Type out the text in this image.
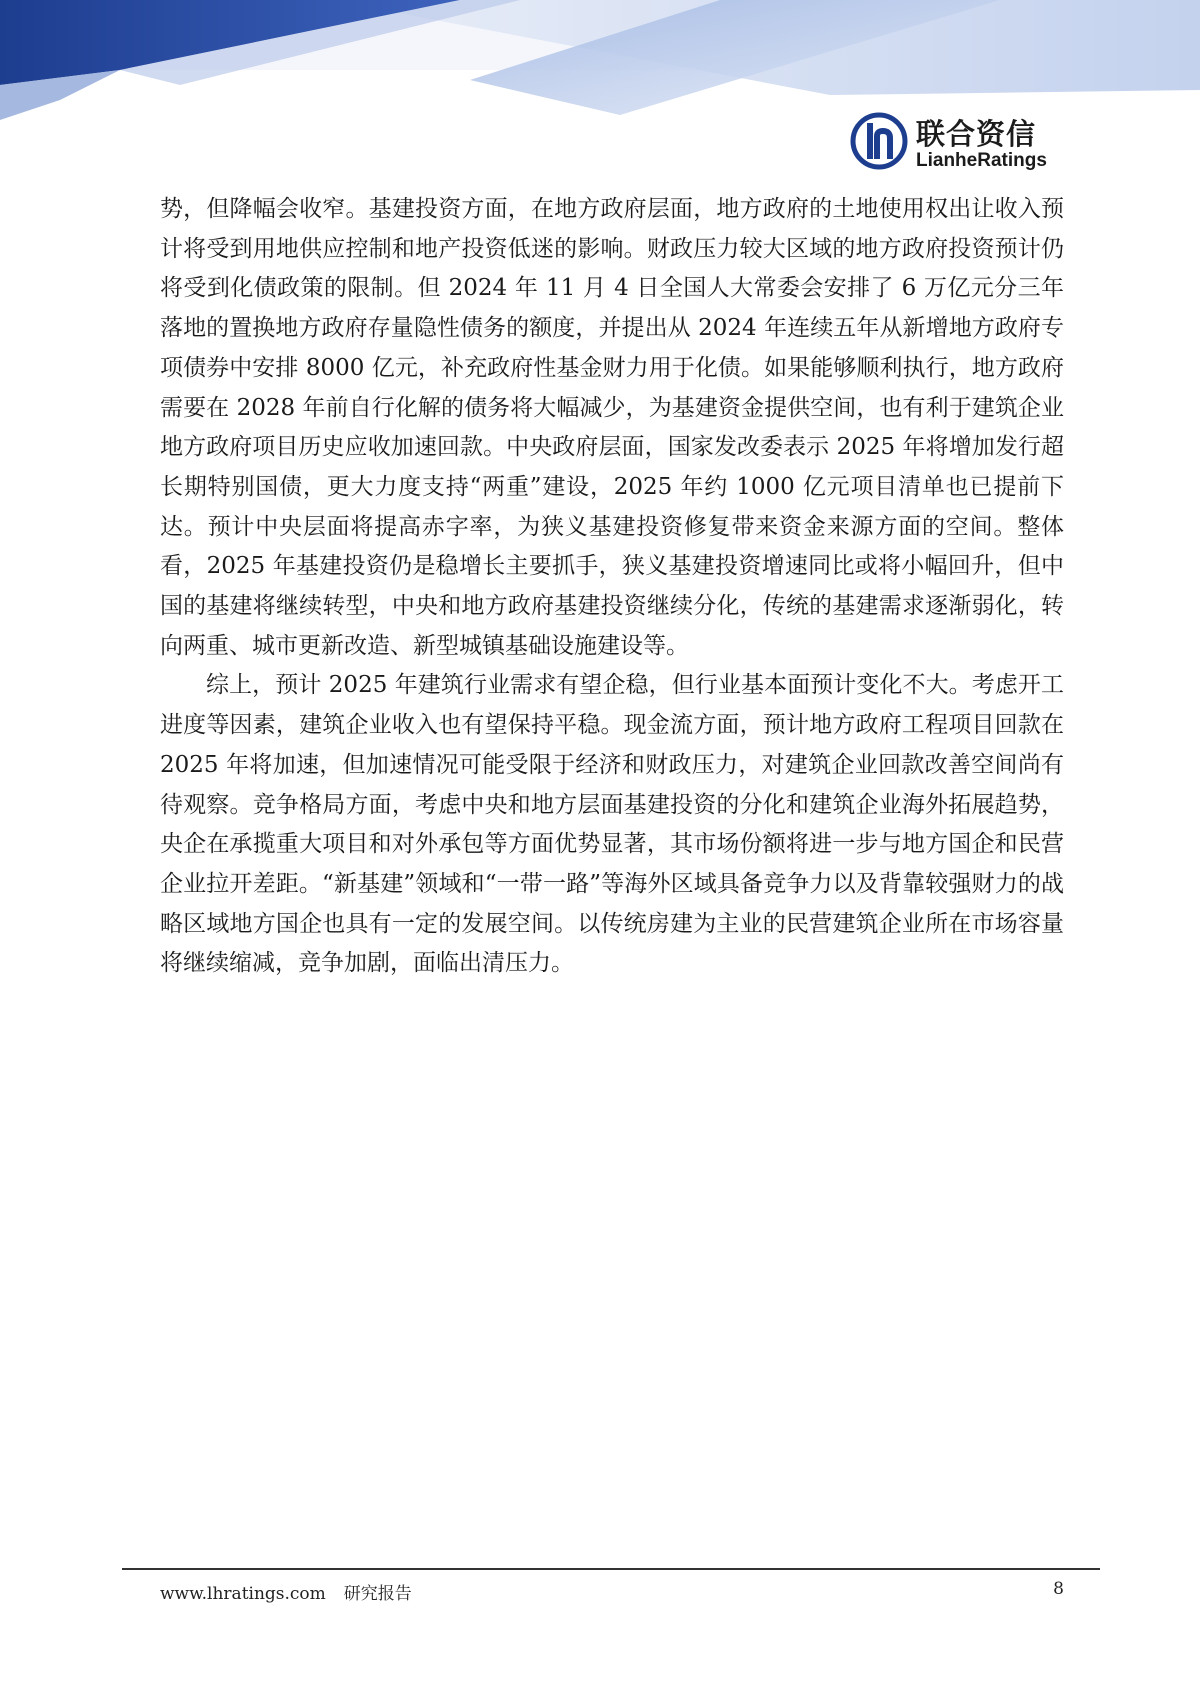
联合资信
LianheRatings

势，但降幅会收窄。基建投资方面，在地方政府层面，地方政府的土地使用权出让收入预计将受到用地供应控制和地产投资低迷的影响。财政压力较大区域的地方政府投资预计仍将受到化债政策的限制。但 2024 年 11 月 4 日全国人大常委会安排了 6 万亿元分三年落地的置换地方政府存量隐性债务的额度，并提出从 2024 年连续五年从新增地方政府专项债券中安排 8000 亿元，补充政府性基金财力用于化债。如果能够顺利执行，地方政府需要在 2028 年前自行化解的债务将大幅减少，为基建资金提供空间，也有利于建筑企业地方政府项目历史应收加速回款。中央政府层面，国家发改委表示 2025 年将增加发行超长期特别国债，更大力度支持“两重”建设，2025 年约 1000 亿元项目清单也已提前下达。预计中央层面将提高赤字率，为狭义基建投资修复带来资金来源方面的空间。整体看，2025 年基建投资仍是稳增长主要抓手，狭义基建投资增速同比或将小幅回升，但中国的基建将继续转型，中央和地方政府基建投资继续分化，传统的基建需求逐渐弱化，转向两重、城市更新改造、新型城镇基础设施建设等。

综上，预计 2025 年建筑行业需求有望企稳，但行业基本面预计变化不大。考虑开工进度等因素，建筑企业收入也有望保持平稳。现金流方面，预计地方政府工程项目回款在 2025 年将加速，但加速情况可能受限于经济和财政压力，对建筑企业回款改善空间尚有待观察。竞争格局方面，考虑中央和地方层面基建投资的分化和建筑企业海外拓展趋势，央企在承揽重大项目和对外承包等方面优势显著，其市场份额将进一步与地方国企和民营企业拉开差距。“新基建”领域和“一带一路”等海外区域具备竞争力以及背靠较强财力的战略区域地方国企也具有一定的发展空间。以传统房建为主业的民营建筑企业所在市场容量将继续缩减，竞争加剧，面临出清压力。

www.lhratings.com 研究报告	8
